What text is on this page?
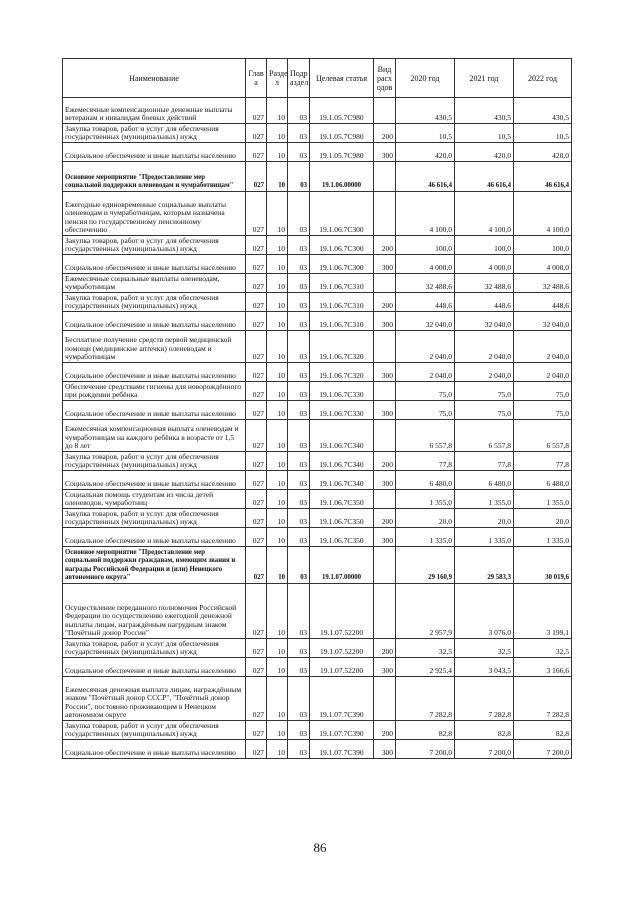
Наименование	Глав а	Разде л	Подр аздел	Целевая статья	Вид расх одов	2020 год	2021 год	2022 год
Ежемесячные компенсационные денежные выплаты ветеранам и инвалидам боевых действий	027	10	03	19.1.05.7C980		430,5	430,5	430,5
Закупка товаров, работ и услуг для обеспечения государственных (муниципальных) нужд	027	10	03	19.1.05.7C980	200	10,5	10,5	10,5
Социальное обеспечение и иные выплаты населению	027	10	03	19.1.05.7C980	300	420,0	420,0	420,0
Основное мероприятие "Предоставление мер социальной поддержки оленеводам и чумработницам"	027	10	03	19.1.06.00000		46 616,4	46 616,4	46 616,4
Ежегодные единовременные социальные выплаты оленеводам и чумработницам, которым назначена пенсия по государственному пенсионному обеспечению	027	10	03	19.1.06.7C300		4 100,0	4 100,0	4 100,0
Закупка товаров, работ и услуг для обеспечения государственных (муниципальных) нужд	027	10	03	19.1.06.7C300	200	100,0	100,0	100,0
Социальное обеспечение и иные выплаты населению	027	10	03	19.1.06.7C300	300	4 000,0	4 000,0	4 000,0
Ежемесячные социальные выплаты оленеводам, чумработницам	027	10	03	19.1.06.7C310		32 488,6	32 488,6	32 488,6
Закупка товаров, работ и услуг для обеспечения государственных (муниципальных) нужд	027	10	03	19.1.06.7C310	200	448,6	448,6	448,6
Социальное обеспечение и иные выплаты населению	027	10	03	19.1.06.7C310	300	32 040,0	32 040,0	32 040,0
Бесплатное получение средств первой медицинской помощи (медицинские аптечки) оленеводам и чумработницам	027	10	03	19.1.06.7C320		2 040,0	2 040,0	2 040,0
Социальное обеспечение и иные выплаты населению	027	10	03	19.1.06.7C320	300	2 040,0	2 040,0	2 040,0
Обеспечение средствами гигиены для новорождённого при рождении ребёнка	027	10	03	19.1.06.7C330		75,0	75,0	75,0
Социальное обеспечение и иные выплаты населению	027	10	03	19.1.06.7C330	300	75,0	75,0	75,0
Ежемесячная компенсационная выплата оленеводам и чумработницам на каждого ребёнка в возрасте от 1,5 до 8 лет	027	10	03	19.1.06.7C340		6 557,8	6 557,8	6 557,8
Закупка товаров, работ и услуг для обеспечения государственных (муниципальных) нужд	027	10	03	19.1.06.7C340	200	77,8	77,8	77,8
Социальное обеспечение и иные выплаты населению	027	10	03	19.1.06.7C340	300	6 480,0	6 480,0	6 480,0
Социальная помощь студентам из числа детей оленеводов, чумработниц	027	10	03	19.1.06.7C350		1 355,0	1 355,0	1 355,0
Закупка товаров, работ и услуг для обеспечения государственных (муниципальных) нужд	027	10	03	19.1.06.7C350	200	20,0	20,0	20,0
Социальное обеспечение и иные выплаты населению	027	10	03	19.1.06.7C350	300	1 335,0	1 335,0	1 335,0
Основное мероприятие "Предоставление мер социальной поддержки гражданам, имеющим звания и награды Российской Федерации и (или) Ненецкого автономного округа"	027	10	03	19.1.07.00000		29 160,9	29 583,3	30 019,6
Осуществление переданного полномочия Российской Федерации по осуществлению ежегодной денежной выплаты лицам, награждённым нагрудным знаком "Почётный донор России"	027	10	03	19.1.07.52200		2 957,9	3 076,0	3 199,1
Закупка товаров, работ и услуг для обеспечения государственных (муниципальных) нужд	027	10	03	19.1.07.52200	200	32,5	32,5	32,5
Социальное обеспечение и иные выплаты населению	027	10	03	19.1.07.52200	300	2 925,4	3 043,5	3 166,6
Ежемесячная денежная выплата лицам, награждённым знаком "Почётный донор СССР", "Почётный донор России", постоянно проживающим в Ненецком автономном округе	027	10	03	19.1.07.7C390		7 282,8	7 282,8	7 282,8
Закупка товаров, работ и услуг для обеспечения государственных (муниципальных) нужд	027	10	03	19.1.07.7C390	200	82,8	82,8	82,8
Социальное обеспечение и иные выплаты населению	027	10	03	19.1.07.7C390	300	7 200,0	7 200,0	7 200,0
86
